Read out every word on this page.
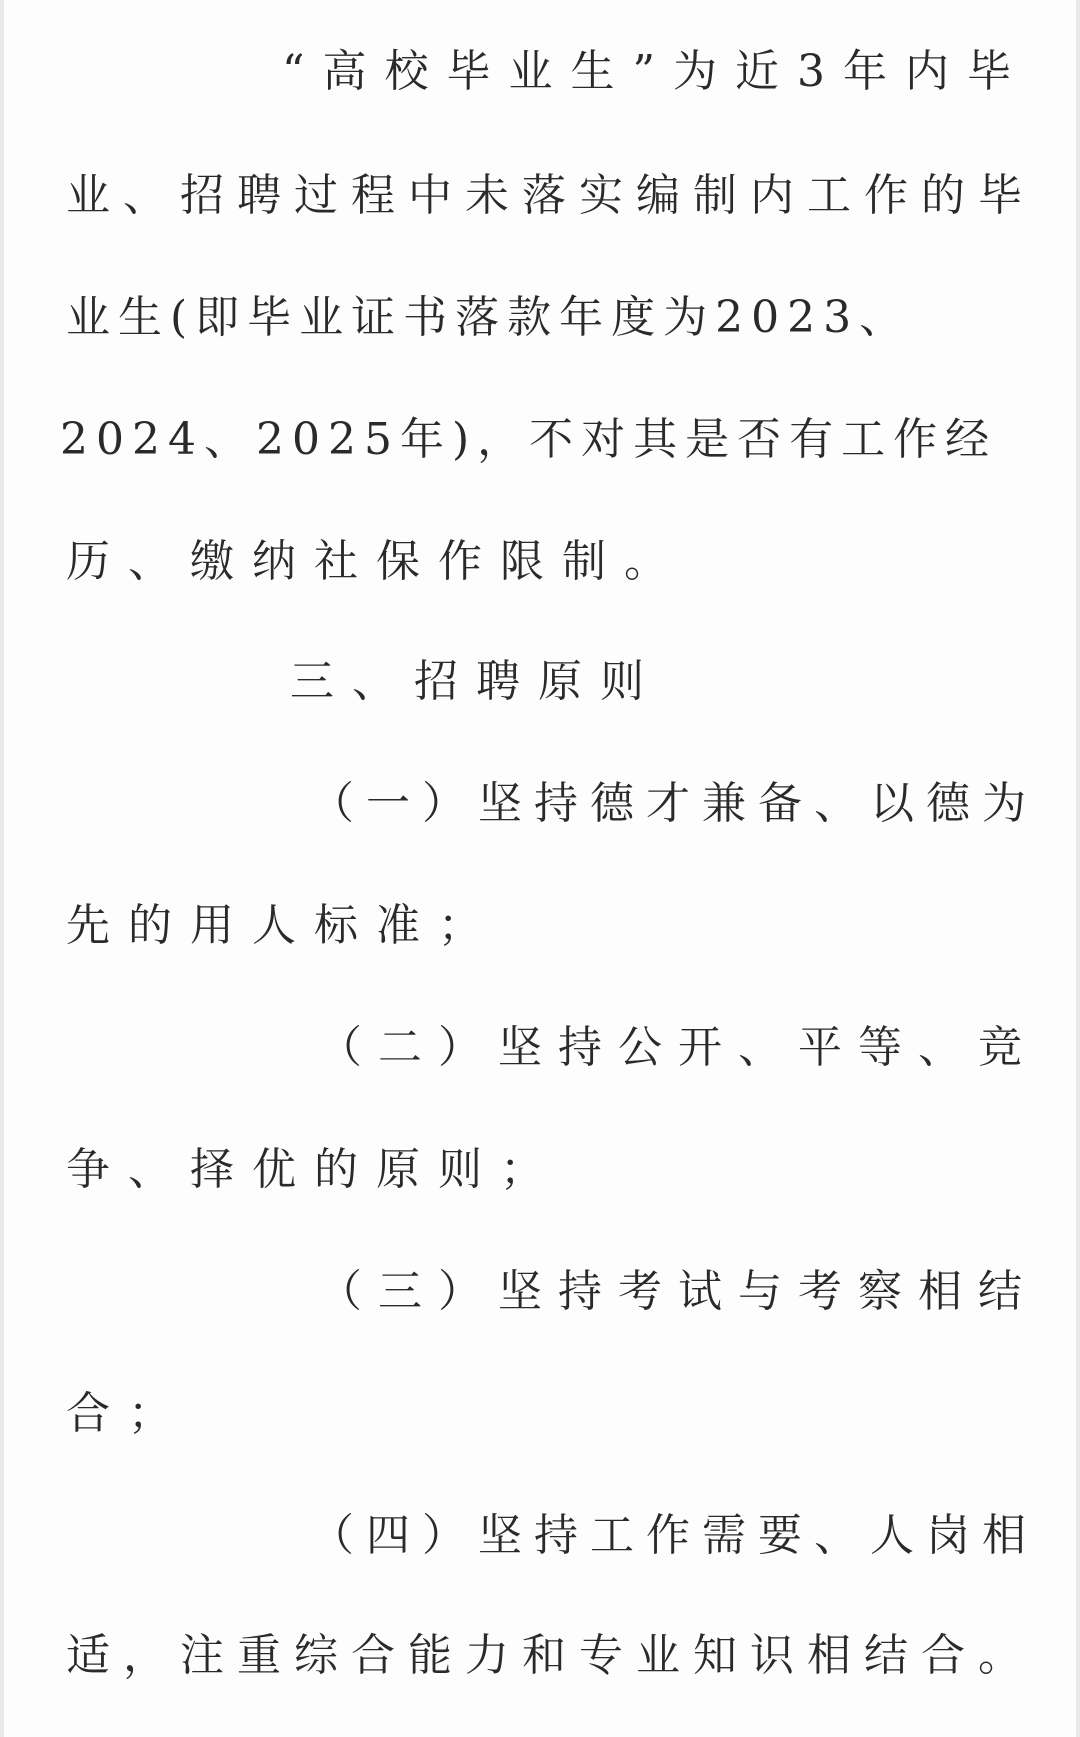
“高校毕业生”为近3年内毕
业、招聘过程中未落实编制内工作的毕
业生(即毕业证书落款年度为2023、
2024、2025年)，不对其是否有工作经
历、缴纳社保作限制。
三、招聘原则
（一）坚持德才兼备、以德为
先的用人标准；
（二）坚持公开、平等、竞
争、择优的原则；
（三）坚持考试与考察相结
合；
（四）坚持工作需要、人岗相
适，注重综合能力和专业知识相结合。
